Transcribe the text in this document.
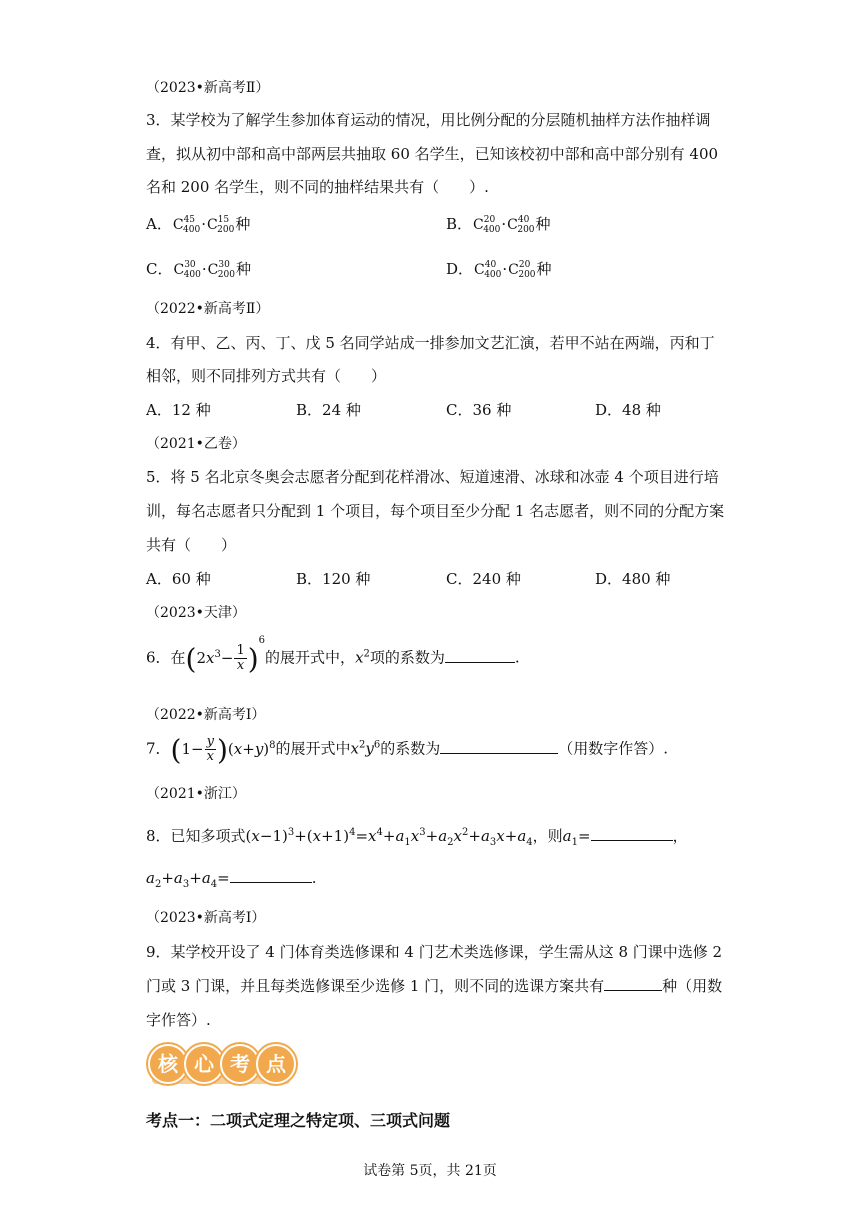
（2023•新高考Ⅱ）
3．某学校为了解学生参加体育运动的情况，用比例分配的分层随机抽样方法作抽样调
查，拟从初中部和高中部两层共抽取 60 名学生，已知该校初中部和高中部分别有 400
名和 200 名学生，则不同的抽样结果共有（　　）.
A．$C^{45}_{400}\cdot C^{15}_{200}$种	B．$C^{20}_{400}\cdot C^{40}_{200}$种
C．$C^{30}_{400}\cdot C^{30}_{200}$种	D．$C^{40}_{400}\cdot C^{20}_{200}$种
（2022•新高考Ⅱ）
4．有甲、乙、丙、丁、戊 5 名同学站成一排参加文艺汇演，若甲不站在两端，丙和丁
相邻，则不同排列方式共有（　　）
A．12 种	B．24 种	C．36 种	D．48 种
（2021•乙卷）
5．将 5 名北京冬奥会志愿者分配到花样滑冰、短道速滑、冰球和冰壶 4 个项目进行培
训，每名志愿者只分配到 1 个项目，每个项目至少分配 1 名志愿者，则不同的分配方案
共有（　　）
A．60 种	B．120 种	C．240 种	D．480 种
（2023•天津）
6．在$(2x^3- \frac{1}{x} )^6$的展开式中，$x^2$项的系数为	.
（2022•新高考Ⅰ）
7．$(1- \frac{y}{x} )(x+y)^8$的展开式中$x^2y^6$的系数为	（用数字作答）.
（2021•浙江）
8．已知多项式$(x-1)^3+(x+1)^4=x^4+a_1x^3+a_2x^2+a_3x+a_4$，则$a_1=$	，
$a_2+a_3+a_4=$	.
（2023•新高考Ⅰ）
9．某学校开设了 4 门体育类选修课和 4 门艺术类选修课，学生需从这 8 门课中选修 2
门或 3 门课，并且每类选修课至少选修 1 门，则不同的选课方案共有	种（用数
字作答）.
核 心 考 点
考点一：二项式定理之特定项、三项式问题
试卷第 5页，共 21页
